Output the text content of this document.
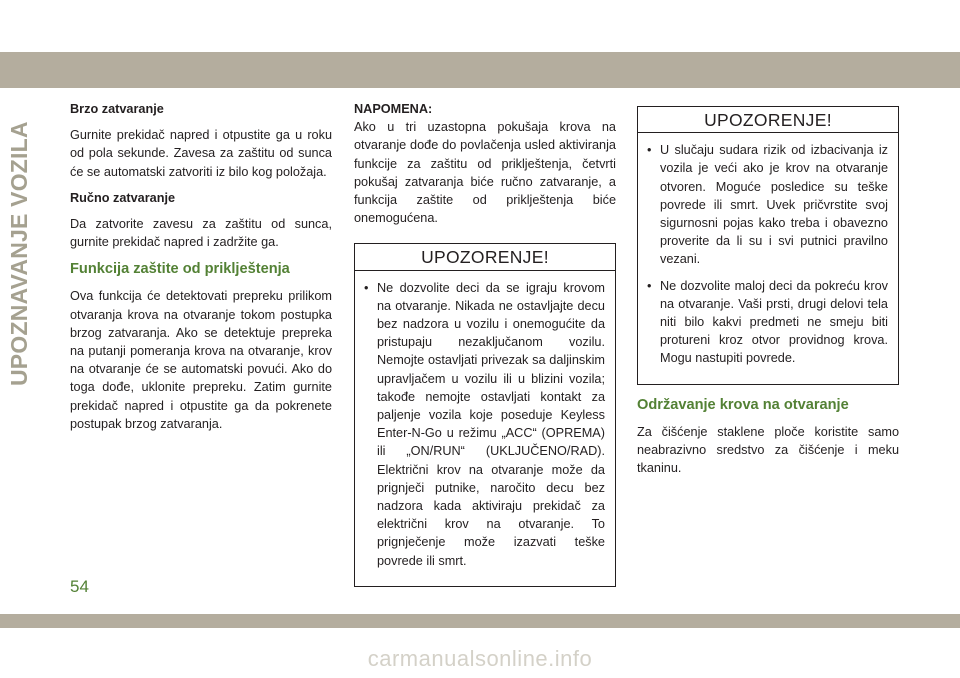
UPOZNAVANJE VOZILA
Brzo zatvaranje

Gurnite prekidač napred i otpustite ga u roku od pola sekunde. Zavesa za zaštitu od sunca će se automatski zatvoriti iz bilo kog položaja.

Ručno zatvaranje

Da zatvorite zavesu za zaštitu od sunca, gurnite prekidač napred i zadržite ga.

Funkcija zaštite od priklještenja

Ova funkcija će detektovati prepreku prilikom otvaranja krova na otvaranje tokom postupka brzog zatvaranja. Ako se detektuje prepreka na putanji pomeranja krova na otvaranje, krov na otvaranje će se automatski povući. Ako do toga dođe, uklonite prepreku. Zatim gurnite prekidač napred i otpustite ga da pokrenete postupak brzog zatvaranja.

NAPOMENA:

Ako u tri uzastopna pokušaja krova na otvaranje dođe do povlačenja usled aktiviranja funkcije za zaštitu od priklještenja, četvrti pokušaj zatvaranja biće ručno zatvaranje, a funkcija zaštite od priklještenja biće onemogućena.

UPOZORENJE!

• Ne dozvolite deci da se igraju krovom na otvaranje. Nikada ne ostavljajte decu bez nadzora u vozilu i onemogućite da pristupaju nezaključanom vozilu. Nemojte ostavljati privezak sa daljinskim upravljačem u vozilu ili u blizini vozila; takođe nemojte ostavljati kontakt za paljenje vozila koje poseduje Keyless Enter-N-Go u režimu „ACC“ (OPREMA) ili „ON/RUN“ (UKLJUČENO/RAD). Električni krov na otvaranje može da prignječi putnike, naročito decu bez nadzora kada aktiviraju prekidač za električni krov na otvaranje. To prignječenje može izazvati teške povrede ili smrt.

UPOZORENJE!

• U slučaju sudara rizik od izbacivanja iz vozila je veći ako je krov na otvaranje otvoren. Moguće posledice su teške povrede ili smrt. Uvek pričvrstite svoj sigurnosni pojas kako treba i obavezno proverite da li su i svi putnici pravilno vezani.

• Ne dozvolite maloj deci da pokreću krov na otvaranje. Vaši prsti, drugi delovi tela niti bilo kakvi predmeti ne smeju biti protureni kroz otvor providnog krova. Mogu nastupiti povrede.

Održavanje krova na otvaranje

Za čišćenje staklene ploče koristite samo neabrazivno sredstvo za čišćenje i meku tkaninu.

54
carmanualsonline.info
